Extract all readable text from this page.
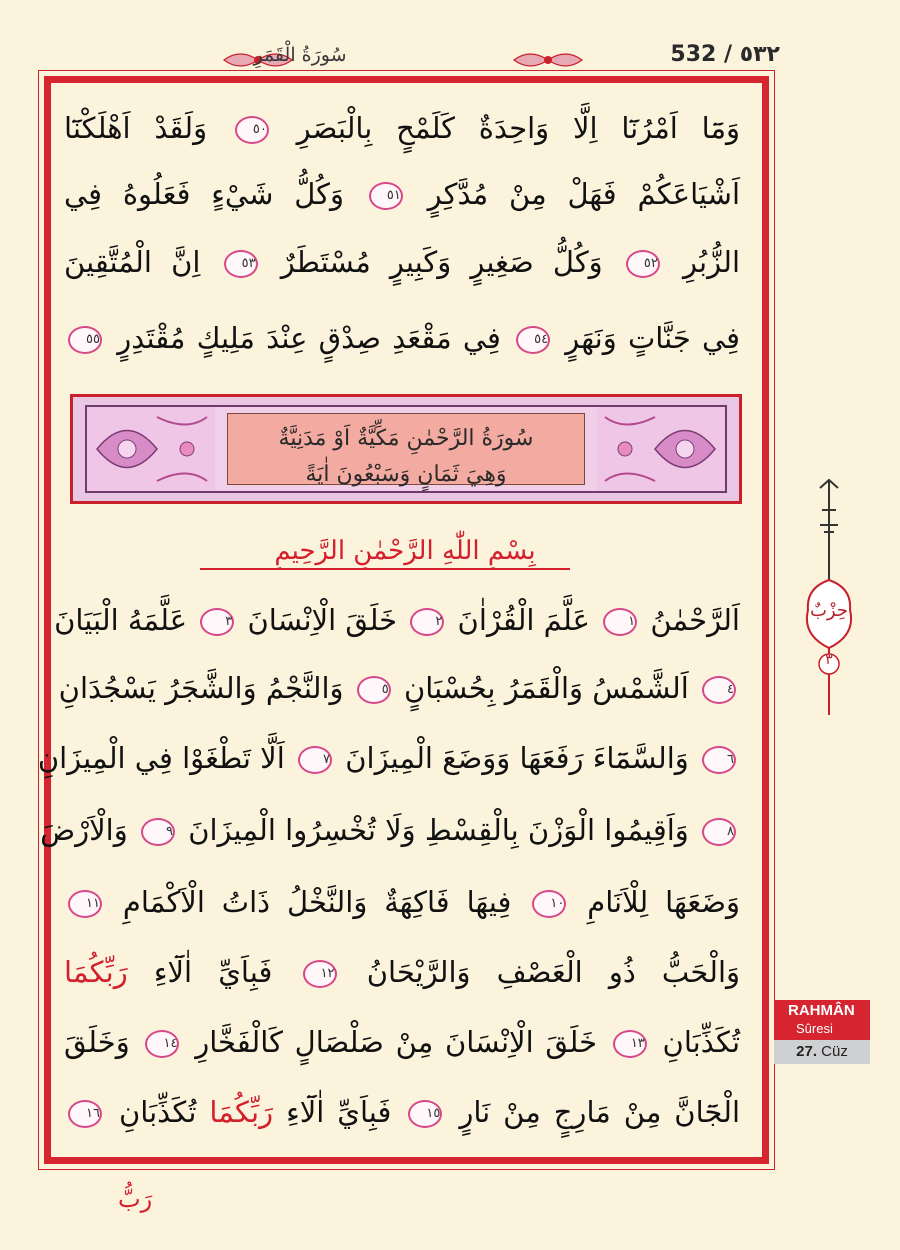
سُورَةُ الْقَمَرِ	532 / ٥٣٢
وَمَٓا اَمْرُنَٓا اِلَّا وَاحِدَةٌ كَلَمْحٍ بِالْبَصَرِ ٥٠ وَلَقَدْ اَهْلَكْنَٓا
اَشْيَاعَكُمْ فَهَلْ مِنْ مُدَّكِرٍ ٥١ وَكُلُّ شَيْءٍ فَعَلُوهُ فِي
الزُّبُرِ ٥٢ وَكُلُّ صَغِيرٍ وَكَبِيرٍ مُسْتَطَرٌ ٥٣ اِنَّ الْمُتَّقِينَ
فِي جَنَّاتٍ وَنَهَرٍ ٥٤ فِي مَقْعَدِ صِدْقٍ عِنْدَ مَلِيكٍ مُقْتَدِرٍ ٥٥
سُورَةُ الرَّحْمٰنِ مَكِّيَّةٌ اَوْ مَدَنِيَّةٌ
وَهِيَ ثَمَانٍ وَسَبْعُونَ اٰيَةً
بِسْمِ اللّٰهِ الرَّحْمٰنِ الرَّحِيمِ
اَلرَّحْمٰنُ ١ عَلَّمَ الْقُرْاٰنَ ٢ خَلَقَ الْاِنْسَانَ ٣ عَلَّمَهُ الْبَيَانَ
٤ اَلشَّمْسُ وَالْقَمَرُ بِحُسْبَانٍ ٥ وَالنَّجْمُ وَالشَّجَرُ يَسْجُدَانِ
٦ وَالسَّمَٓاءَ رَفَعَهَا وَوَضَعَ الْمِيزَانَ ٧ اَلَّا تَطْغَوْا فِي الْمِيزَانِ
٨ وَاَقِيمُوا الْوَزْنَ بِالْقِسْطِ وَلَا تُخْسِرُوا الْمِيزَانَ ٩ وَالْاَرْضَ
وَضَعَهَا لِلْاَنَامِ ١٠ فِيهَا فَاكِهَةٌ وَالنَّخْلُ ذَاتُ الْاَكْمَامِ ١١
وَالْحَبُّ ذُو الْعَصْفِ وَالرَّيْحَانُ ١٢ فَبِاَيِّ اٰلَٓاءِ رَبِّكُمَا
تُكَذِّبَانِ ١٣ خَلَقَ الْاِنْسَانَ مِنْ صَلْصَالٍ كَالْفَخَّارِ ١٤ وَخَلَقَ
الْجَٓانَّ مِنْ مَارِجٍ مِنْ نَارٍ ١٥ فَبِاَيِّ اٰلَٓاءِ رَبِّكُمَا تُكَذِّبَانِ ١٦
حِزْبٌ
٣
RAHMÂN
Sûresi
27. Cüz
رَبُّ
